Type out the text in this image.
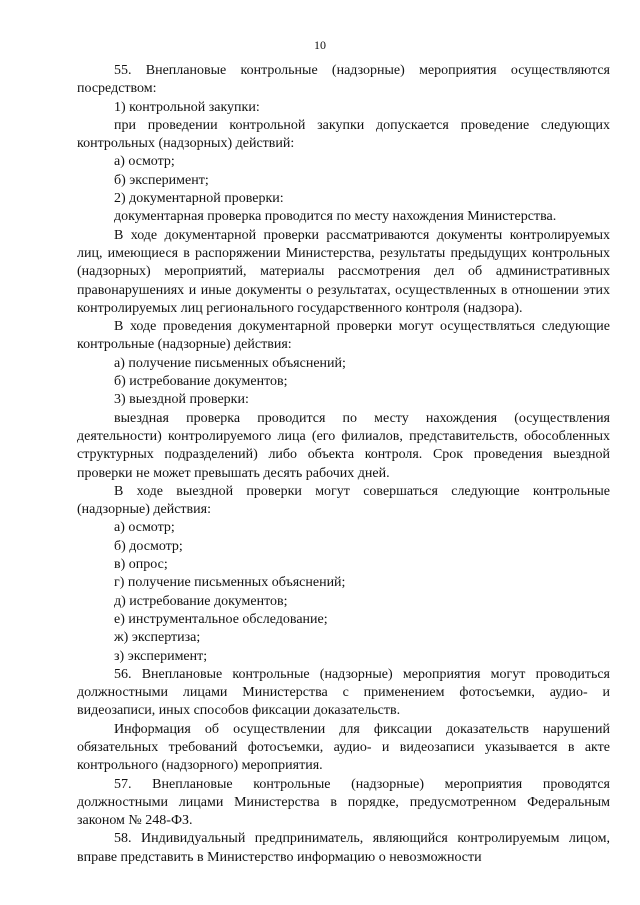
10
55. Внеплановые контрольные (надзорные) мероприятия осуществляются посредством:
1) контрольной закупки:
при проведении контрольной закупки допускается проведение следующих контрольных (надзорных) действий:
а) осмотр;
б) эксперимент;
2) документарной проверки:
документарная проверка проводится по месту нахождения Министерства.
В ходе документарной проверки рассматриваются документы контролируемых лиц, имеющиеся в распоряжении Министерства, результаты предыдущих контрольных (надзорных) мероприятий, материалы рассмотрения дел об административных правонарушениях и иные документы о результатах, осуществленных в отношении этих контролируемых лиц регионального государственного контроля (надзора).
В ходе проведения документарной проверки могут осуществляться следующие контрольные (надзорные) действия:
а) получение письменных объяснений;
б) истребование документов;
3) выездной проверки:
выездная проверка проводится по месту нахождения (осуществления деятельности) контролируемого лица (его филиалов, представительств, обособленных структурных подразделений) либо объекта контроля. Срок проведения выездной проверки не может превышать десять рабочих дней.
В ходе выездной проверки могут совершаться следующие контрольные (надзорные) действия:
а) осмотр;
б) досмотр;
в) опрос;
г) получение письменных объяснений;
д) истребование документов;
е) инструментальное обследование;
ж) экспертиза;
з) эксперимент;
56. Внеплановые контрольные (надзорные) мероприятия могут проводиться должностными лицами Министерства с применением фотосъемки, аудио- и видеозаписи, иных способов фиксации доказательств.
Информация об осуществлении для фиксации доказательств нарушений обязательных требований фотосъемки, аудио- и видеозаписи указывается в акте контрольного (надзорного) мероприятия.
57. Внеплановые контрольные (надзорные) мероприятия проводятся должностными лицами Министерства в порядке, предусмотренном Федеральным законом № 248-ФЗ.
58. Индивидуальный предприниматель, являющийся контролируемым лицом, вправе представить в Министерство информацию о невозможности
